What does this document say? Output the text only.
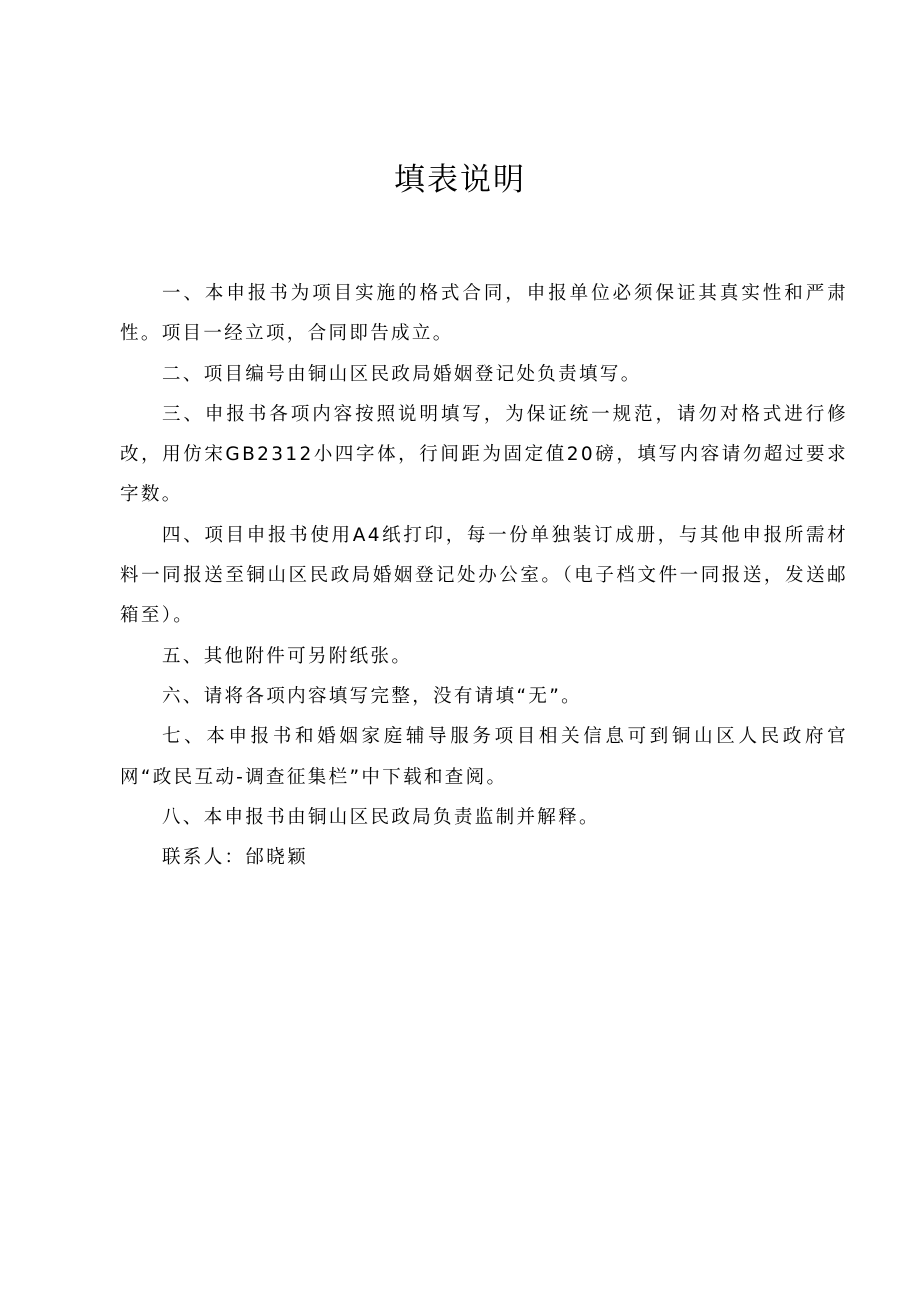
填表说明

一、本申报书为项目实施的格式合同，申报单位必须保证其真实性和严肃性。项目一经立项，合同即告成立。

二、项目编号由铜山区民政局婚姻登记处负责填写。

三、申报书各项内容按照说明填写，为保证统一规范，请勿对格式进行修改，用仿宋GB2312小四字体，行间距为固定值20磅，填写内容请勿超过要求字数。

四、项目申报书使用A4纸打印，每一份单独装订成册，与其他申报所需材料一同报送至铜山区民政局婚姻登记处办公室。（电子档文件一同报送，发送邮箱至）。

五、其他附件可另附纸张。

六、请将各项内容填写完整，没有请填“无”。

七、本申报书和婚姻家庭辅导服务项目相关信息可到铜山区人民政府官网“政民互动-调查征集栏”中下载和查阅。

八、本申报书由铜山区民政局负责监制并解释。

联系人：邰晓颖
